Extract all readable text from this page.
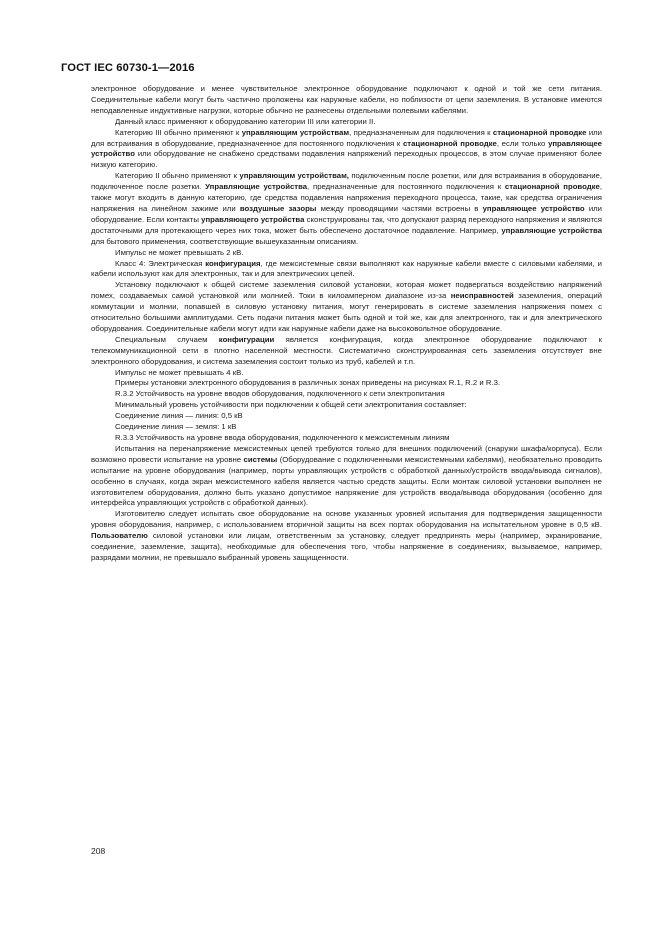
ГОСТ IEC 60730-1—2016

электронное оборудование и менее чувствительное электронное оборудование подключают к одной и той же сети питания. Соединительные кабели могут быть частично проложены как наружные кабели, но поблизости от цепи заземления. В установке имеются неподавленные индуктивные нагрузки, которые обычно не разнесены отдельными полевыми кабелями.

Данный класс применяют к оборудованию категории III или категории II.

Категорию III обычно применяют к управляющим устройствам, предназначенным для подключения к стационарной проводке или для встраивания в оборудование, предназначенное для постоянного подключения к стационарной проводке, если только управляющее устройство или оборудование не снабжено средствами подавления напряжений переходных процессов, в этом случае применяют более низкую категорию.

Категорию II обычно применяют к управляющим устройствам, подключенным после розетки, или для встраивания в оборудование, подключенное после розетки. Управляющие устройства, предназначенные для постоянного подключения к стационарной проводке, также могут входить в данную категорию, где средства подавления напряжения переходного процесса, такие, как средства ограничения напряжения на линейном зажиме или воздушные зазоры между проводящими частями встроены в управляющее устройство или оборудование. Если контакты управляющего устройства сконструированы так, что допускают разряд переходного напряжения и являются достаточными для протекающего через них тока, может быть обеспечено достаточное подавление. Например, управляющие устройства для бытового применения, соответствующие вышеуказанным описаниям.

Импульс не может превышать 2 кВ.

Класс 4: Электрическая конфигурация, где межсистемные связи выполняют как наружные кабели вместе с силовыми кабелями, и кабели используют как для электронных, так и для электрических цепей.

Установку подключают к общей системе заземления силовой установки, которая может подвергаться воздействию напряжений помех, создаваемых самой установкой или молнией. Токи в килоамперном диапазоне из-за неисправностей заземления, операций коммутации и молнии, попавшей в силовую установку питания, могут генерировать в системе заземления напряжения помех с относительно большими амплитудами. Сеть подачи питания может быть одной и той же, как для электронного, так и для электрического оборудования. Соединительные кабели могут идти как наружные кабели даже на высоковольтное оборудование.

Специальным случаем конфигурации является конфигурация, когда электронное оборудование подключают к телекоммуникационной сети в плотно населенной местности. Систематично сконструированная сеть заземления отсутствует вне электронного оборудования, и система заземления состоит только из труб, кабелей и т.п.

Импульс не может превышать 4 кВ.

Примеры установки электронного оборудования в различных зонах приведены на рисунках R.1, R.2 и R.3.

R.3.2 Устойчивость на уровне вводов оборудования, подключенного к сети электропитания

Минимальный уровень устойчивости при подключении к общей сети электропитания составляет:

Соединение линия — линия: 0,5 кВ

Соединение линия — земля: 1 кВ

R.3.3 Устойчивость на уровне ввода оборудования, подключенного к межсистемным линиям

Испытания на перенапряжение межсистемных цепей требуются только для внешних подключений (снаружи шкафа/корпуса). Если возможно провести испытание на уровне системы (Оборудование с подключенными межсистемными кабелями), необязательно проводить испытание на уровне оборудования (например, порты управляющих устройств с обработкой данных/устройств ввода/вывода сигналов), особенно в случаях, когда экран межсистемного кабеля является частью средств защиты. Если монтаж силовой установки выполнен не изготовителем оборудования, должно быть указано допустимое напряжение для устройств ввода/вывода оборудования (особенно для интерфейса управляющих устройств с обработкой данных).

Изготовителю следует испытать свое оборудование на основе указанных уровней испытания для подтверждения защищенности уровня оборудования, например, с использованием вторичной защиты на всех портах оборудования на испытательном уровне в 0,5 кВ. Пользователю силовой установки или лицам, ответственным за установку, следует предпринять меры (например, экранирование, соединение, заземление, защита), необходимые для обеспечения того, чтобы напряжение в соединениях, вызываемое, например, разрядами молнии, не превышало выбранный уровень защищенности.

208
